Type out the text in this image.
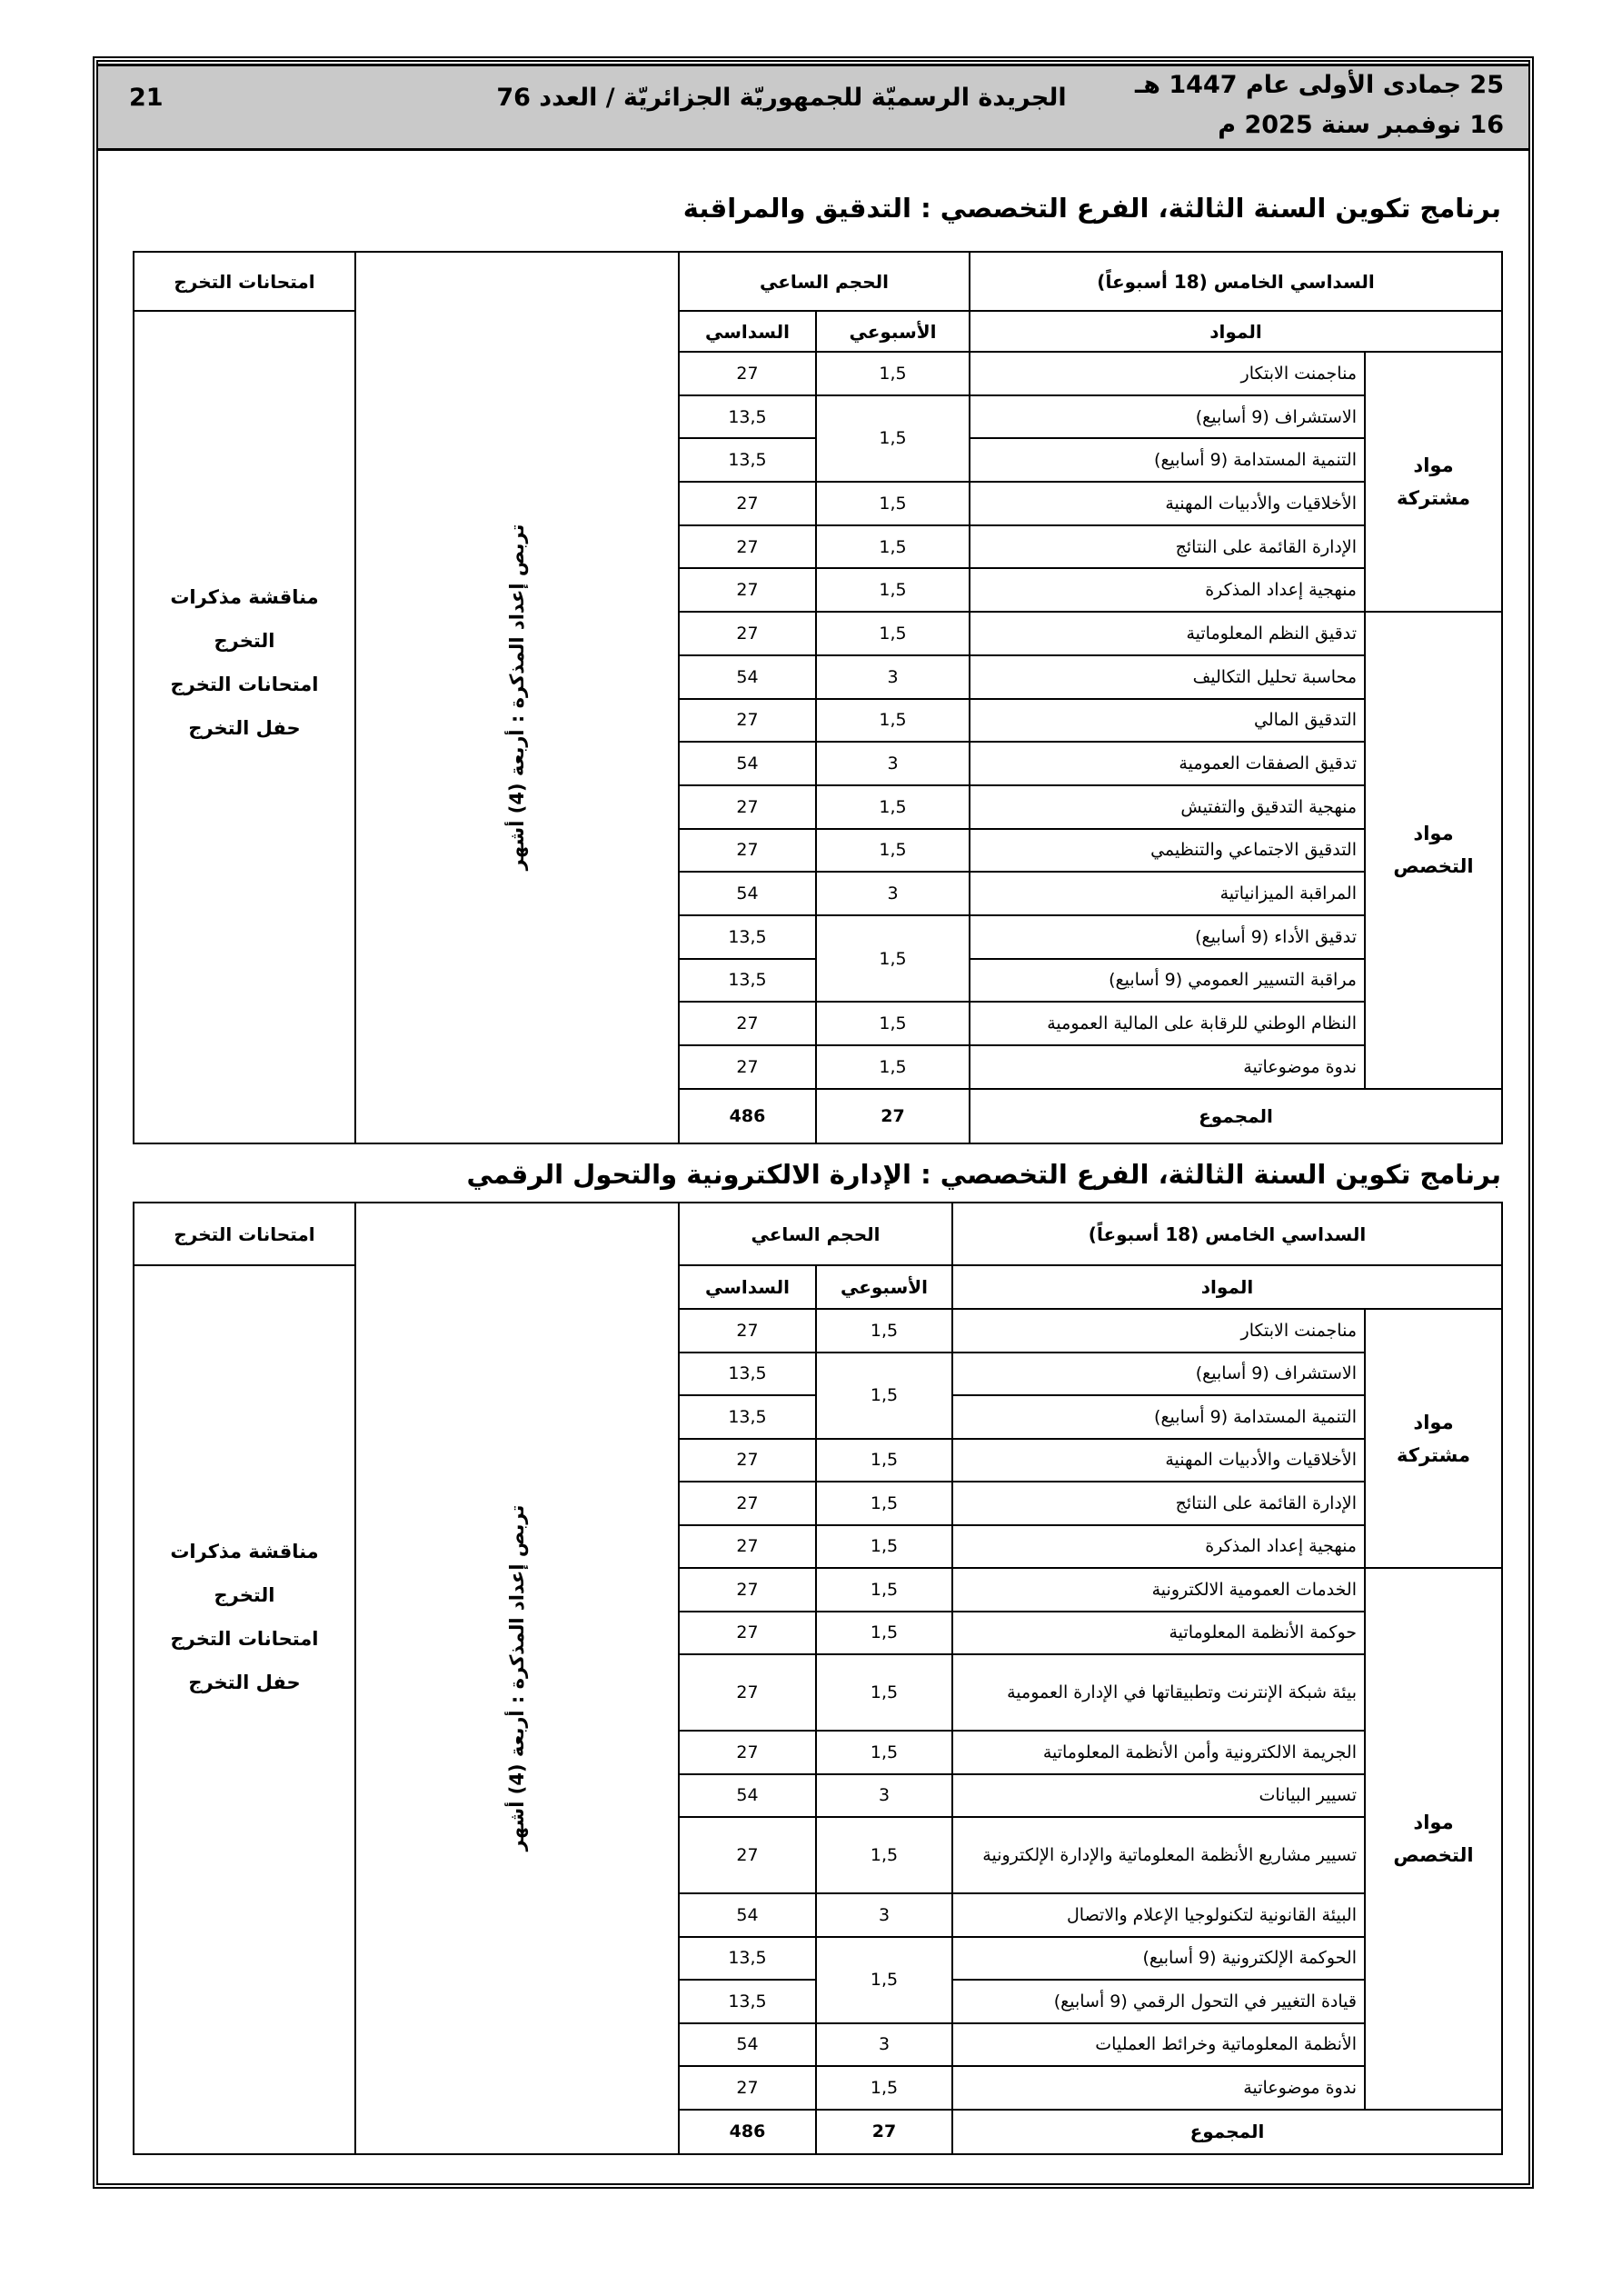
25 جمادى الأولى عام 1447 هـ
16 نوفمبر سنة 2025 م
الجريدة الرسميّة للجمهوريّة الجزائريّة / العدد 76
21
برنامج تكوين السنة الثالثة، الفرع التخصصي : التدقيق والمراقبة
السداسي الخامس (18 أسبوعاً)		الحجم الساعي		تربص إعداد المذكرة : أربعة (4) أشهر	امتحانات التخرج
المواد		الأسبوعي	السداسي		مناقشة مذكرات التخرج
امتحانات التخرج
حفل التخرج

مواد مشتركة	مناجمنت الابتكار	1,5	27		
	الاستشراف (9 أسابيع)	1,5	13,5		
	التنمية المستدامة (9 أسابيع)		13,5		
	الأخلاقيات والأدبيات المهنية	1,5	27		
	الإدارة القائمة على النتائج	1,5	27		
	منهجية إعداد المذكرة	1,5	27		
مواد التخصص	تدقيق النظم المعلوماتية	1,5	27		
	محاسبة تحليل التكاليف	3	54		
	التدقيق المالي	1,5	27		
	تدقيق الصفقات العمومية	3	54		
	منهجية التدقيق والتفتيش	1,5	27		
	التدقيق الاجتماعي والتنظيمي	1,5	27		
	المراقبة الميزانياتية	3	54		
	تدقيق الأداء (9 أسابيع)	1,5	13,5		
	مراقبة التسيير العمومي (9 أسابيع)		13,5		
	النظام الوطني للرقابة على المالية العمومية	1,5	27		
	ندوة موضوعاتية	1,5	27		
المجموع		27	486		
برنامج تكوين السنة الثالثة، الفرع التخصصي : الإدارة الالكترونية والتحول الرقمي
السداسي الخامس (18 أسبوعاً)		الحجم الساعي		تربص إعداد المذكرة : أربعة (4) أشهر	امتحانات التخرج
المواد		الأسبوعي	السداسي		مناقشة مذكرات التخرج
امتحانات التخرج
حفل التخرج

مواد مشتركة	مناجمنت الابتكار	1,5	27		
	الاستشراف (9 أسابيع)	1,5	13,5		
	التنمية المستدامة (9 أسابيع)		13,5		
	الأخلاقيات والأدبيات المهنية	1,5	27		
	الإدارة القائمة على النتائج	1,5	27		
	منهجية إعداد المذكرة	1,5	27		
مواد التخصص	الخدمات العمومية الالكترونية	1,5	27		
	حوكمة الأنظمة المعلوماتية	1,5	27		
	بيئة شبكة الإنترنت وتطبيقاتها في الإدارة العمومية	1,5	27		
	الجريمة الالكترونية وأمن الأنظمة المعلوماتية	1,5	27		
	تسيير البيانات	3	54		
	تسيير مشاريع الأنظمة المعلوماتية والإدارة الإلكترونية	1,5	27		
	البيئة القانونية لتكنولوجيا الإعلام والاتصال	3	54		
	الحوكمة الإلكترونية (9 أسابيع)	1,5	13,5		
	قيادة التغيير في التحول الرقمي (9 أسابيع)		13,5		
	الأنظمة المعلوماتية وخرائط العمليات	3	54		
	ندوة موضوعاتية	1,5	27		
المجموع		27	486		
